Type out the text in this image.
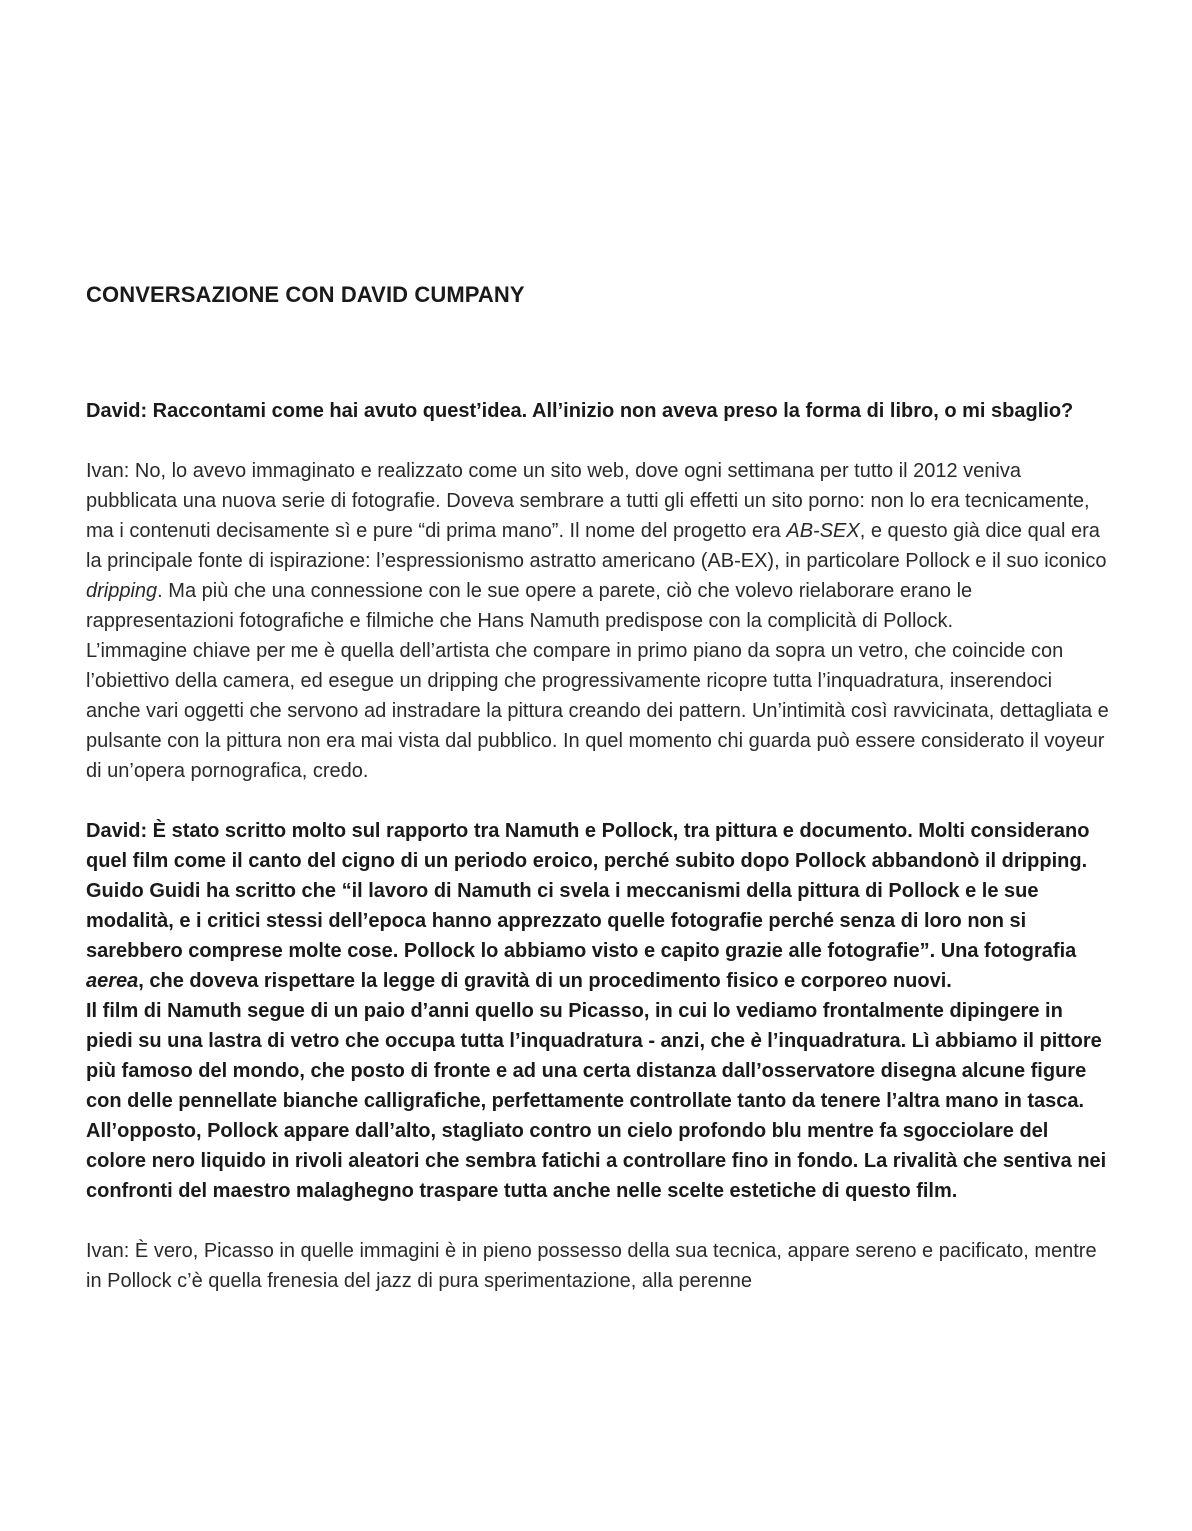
CONVERSAZIONE CON DAVID CUMPANY

David: Raccontami come hai avuto quest’idea. All’inizio non aveva preso la forma di libro, o mi sbaglio?

Ivan: No, lo avevo immaginato e realizzato come un sito web, dove ogni settimana per tutto il 2012 veniva pubblicata una nuova serie di fotografie. Doveva sembrare a tutti gli effetti un sito porno: non lo era tecnicamente, ma i contenuti decisamente sì e pure “di prima mano”. Il nome del progetto era AB-SEX, e questo già dice qual era la principale fonte di ispirazione: l’espressionismo astratto americano (AB-EX), in particolare Pollock e il suo iconico dripping. Ma più che una connessione con le sue opere a parete, ciò che volevo rielaborare erano le rappresentazioni fotografiche e filmiche che Hans Namuth predispose con la complicità di Pollock.

L’immagine chiave per me è quella dell’artista che compare in primo piano da sopra un vetro, che coincide con l’obiettivo della camera, ed esegue un dripping che progressivamente ricopre tutta l’inquadratura, inserendoci anche vari oggetti che servono ad instradare la pittura creando dei pattern. Un’intimità così ravvicinata, dettagliata e pulsante con la pittura non era mai vista dal pubblico. In quel momento chi guarda può essere considerato il voyeur di un’opera pornografica, credo.

David: È stato scritto molto sul rapporto tra Namuth e Pollock, tra pittura e documento. Molti considerano quel film come il canto del cigno di un periodo eroico, perché subito dopo Pollock abbandonò il dripping. Guido Guidi ha scritto che “il lavoro di Namuth ci svela i meccanismi della pittura di Pollock e le sue modalità, e i critici stessi dell’epoca hanno apprezzato quelle fotografie perché senza di loro non si sarebbero comprese molte cose. Pollock lo abbiamo visto e capito grazie alle fotografie”. Una fotografia aerea, che doveva rispettare la legge di gravità di un procedimento fisico e corporeo nuovi.

Il film di Namuth segue di un paio d’anni quello su Picasso, in cui lo vediamo frontalmente dipingere in piedi su una lastra di vetro che occupa tutta l’inquadratura - anzi, che è l’inquadratura. Lì abbiamo il pittore più famoso del mondo, che posto di fronte e ad una certa distanza dall’osservatore disegna alcune figure con delle pennellate bianche calligrafiche, perfettamente controllate tanto da tenere l’altra mano in tasca. All’opposto, Pollock appare dall’alto, stagliato contro un cielo profondo blu mentre fa sgocciolare del colore nero liquido in rivoli aleatori che sembra fatichi a controllare fino in fondo. La rivalità che sentiva nei confronti del maestro malaghegno traspare tutta anche nelle scelte estetiche di questo film.

Ivan: È vero, Picasso in quelle immagini è in pieno possesso della sua tecnica, appare sereno e pacificato, mentre in Pollock c’è quella frenesia del jazz di pura sperimentazione, alla perenne
